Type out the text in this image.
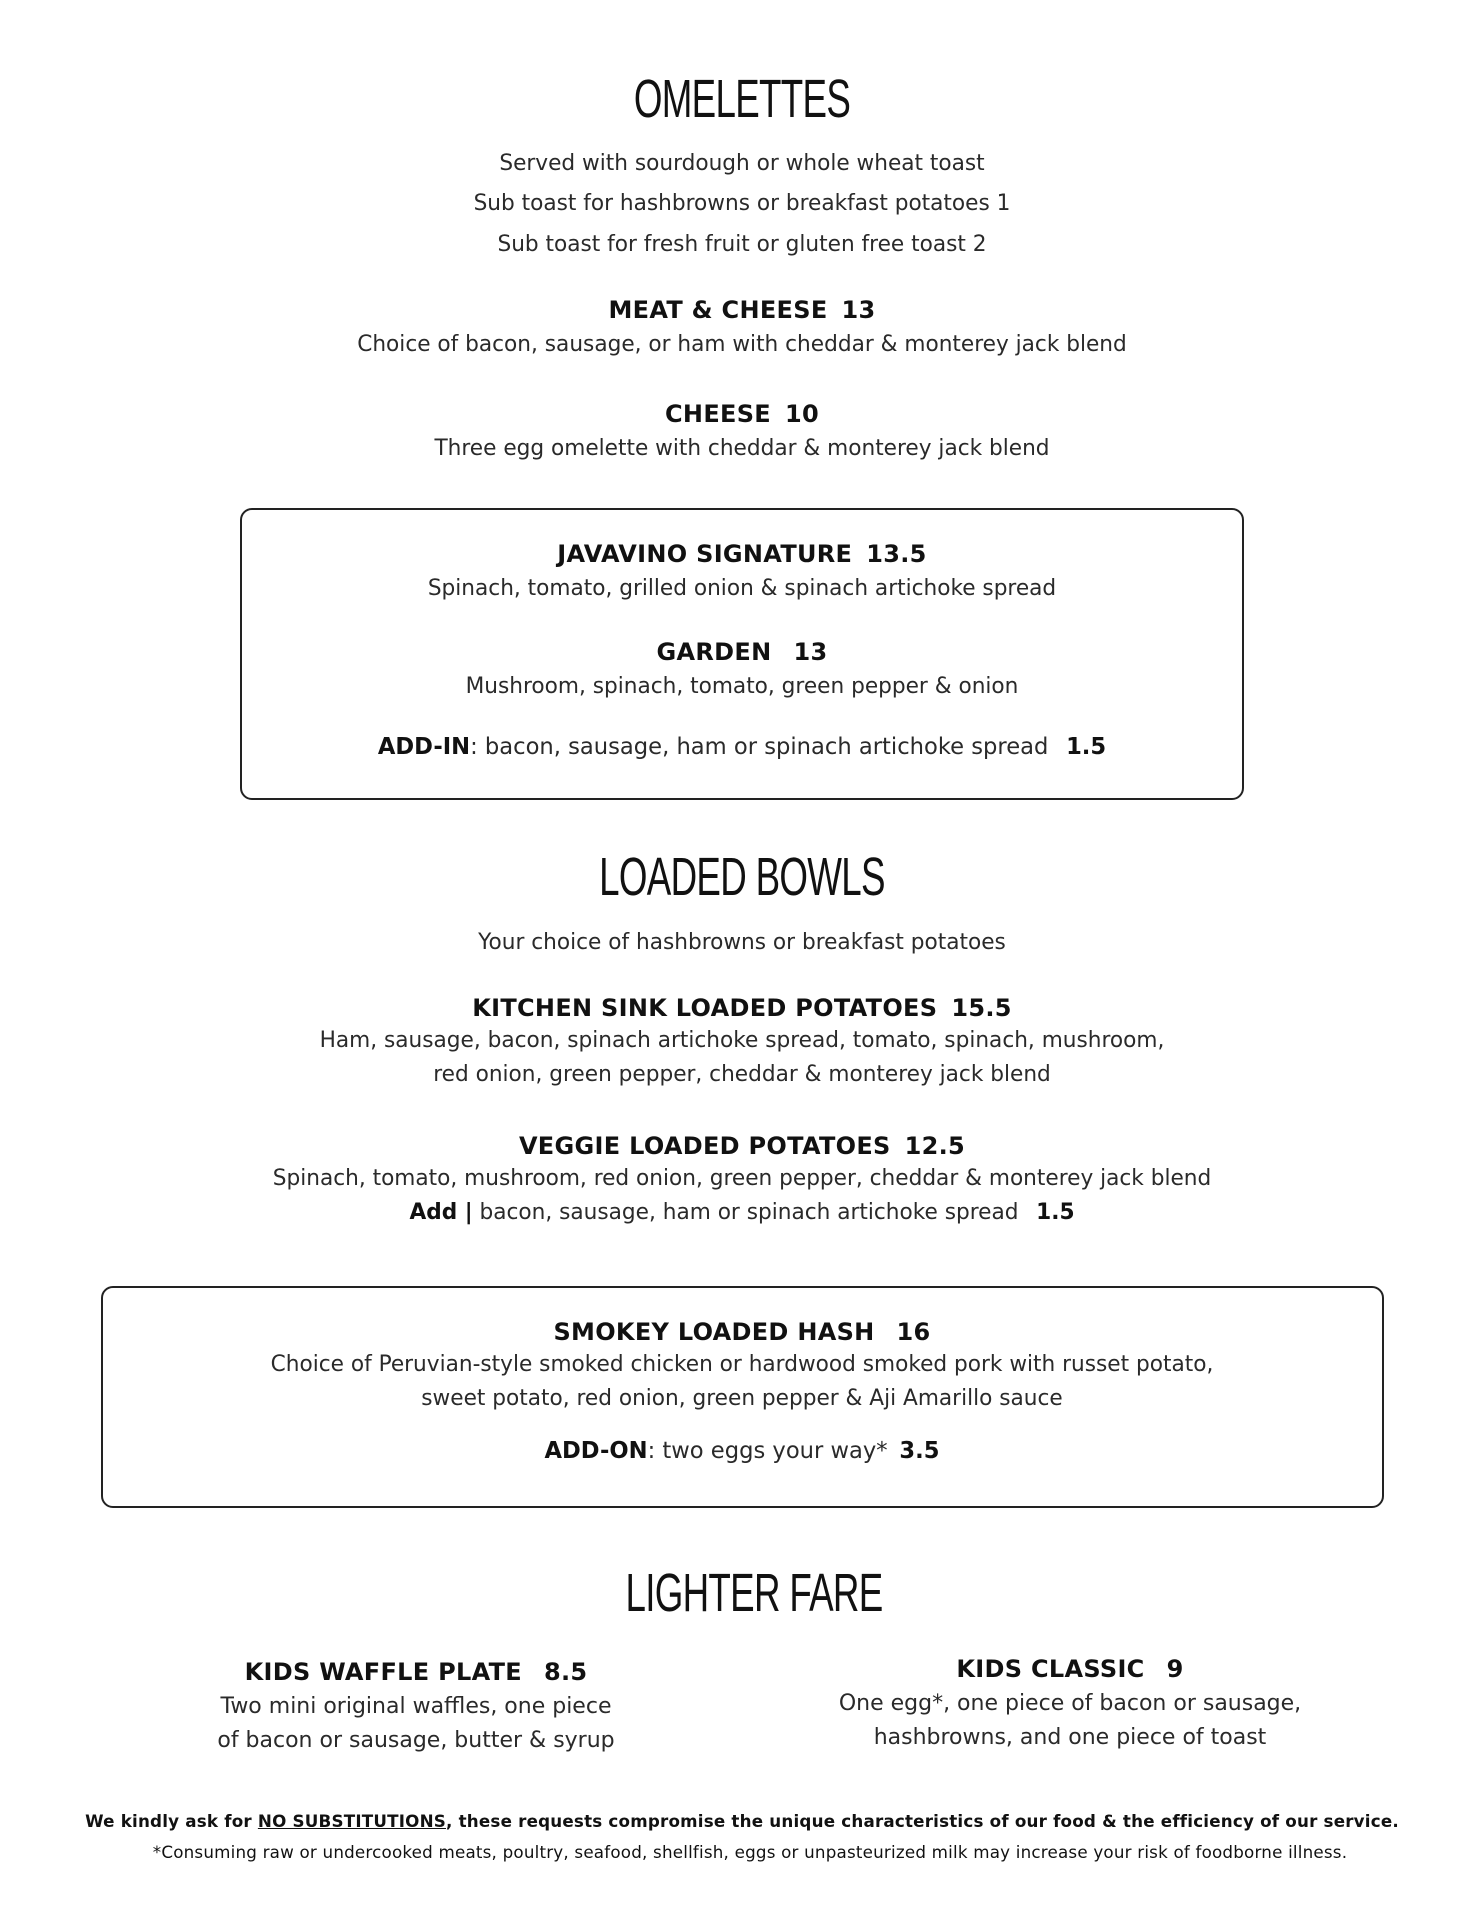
OMELETTES
Served with sourdough or whole wheat toast
Sub toast for hashbrowns or breakfast potatoes 1
Sub toast for fresh fruit or gluten free toast 2
MEAT & CHEESE 13
Choice of bacon, sausage, or ham with cheddar & monterey jack blend
CHEESE 10
Three egg omelette with cheddar & monterey jack blend
JAVAVINO SIGNATURE 13.5
Spinach, tomato, grilled onion & spinach artichoke spread
GARDEN 13
Mushroom, spinach, tomato, green pepper & onion
ADD-IN: bacon, sausage, ham or spinach artichoke spread 1.5
LOADED BOWLS
Your choice of hashbrowns or breakfast potatoes
KITCHEN SINK LOADED POTATOES 15.5
Ham, sausage, bacon, spinach artichoke spread, tomato, spinach, mushroom,
red onion, green pepper, cheddar & monterey jack blend
VEGGIE LOADED POTATOES 12.5
Spinach, tomato, mushroom, red onion, green pepper, cheddar & monterey jack blend
Add | bacon, sausage, ham or spinach artichoke spread 1.5
SMOKEY LOADED HASH 16
Choice of Peruvian-style smoked chicken or hardwood smoked pork with russet potato,
sweet potato, red onion, green pepper & Aji Amarillo sauce
ADD-ON: two eggs your way* 3.5
LIGHTER FARE
KIDS WAFFLE PLATE 8.5
Two mini original waffles, one piece
of bacon or sausage, butter & syrup
KIDS CLASSIC 9
One egg*, one piece of bacon or sausage,
hashbrowns, and one piece of toast
We kindly ask for NO SUBSTITUTIONS, these requests compromise the unique characteristics of our food & the efficiency of our service.
*Consuming raw or undercooked meats, poultry, seafood, shellfish, eggs or unpasteurized milk may increase your risk of foodborne illness.
